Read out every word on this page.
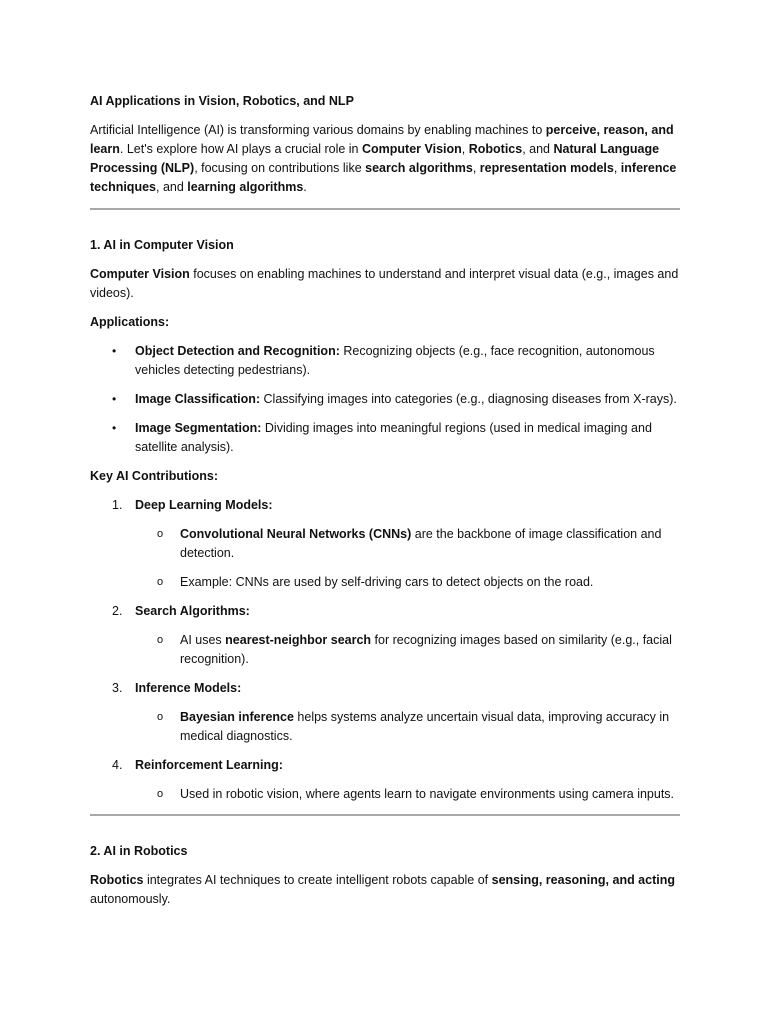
AI Applications in Vision, Robotics, and NLP

Artificial Intelligence (AI) is transforming various domains by enabling machines to perceive, reason, and learn. Let's explore how AI plays a crucial role in Computer Vision, Robotics, and Natural Language Processing (NLP), focusing on contributions like search algorithms, representation models, inference techniques, and learning algorithms.

1. AI in Computer Vision

Computer Vision focuses on enabling machines to understand and interpret visual data (e.g., images and videos).

Applications:

• Object Detection and Recognition: Recognizing objects (e.g., face recognition, autonomous vehicles detecting pedestrians).
• Image Classification: Classifying images into categories (e.g., diagnosing diseases from X-rays).
• Image Segmentation: Dividing images into meaningful regions (used in medical imaging and satellite analysis).

Key AI Contributions:

1. Deep Learning Models:

o Convolutional Neural Networks (CNNs) are the backbone of image classification and detection.
o Example: CNNs are used by self-driving cars to detect objects on the road.
2. Search Algorithms:

o AI uses nearest-neighbor search for recognizing images based on similarity (e.g., facial recognition).
3. Inference Models:

o Bayesian inference helps systems analyze uncertain visual data, improving accuracy in medical diagnostics.
4. Reinforcement Learning:

o Used in robotic vision, where agents learn to navigate environments using camera inputs.

2. AI in Robotics

Robotics integrates AI techniques to create intelligent robots capable of sensing, reasoning, and acting autonomously.
